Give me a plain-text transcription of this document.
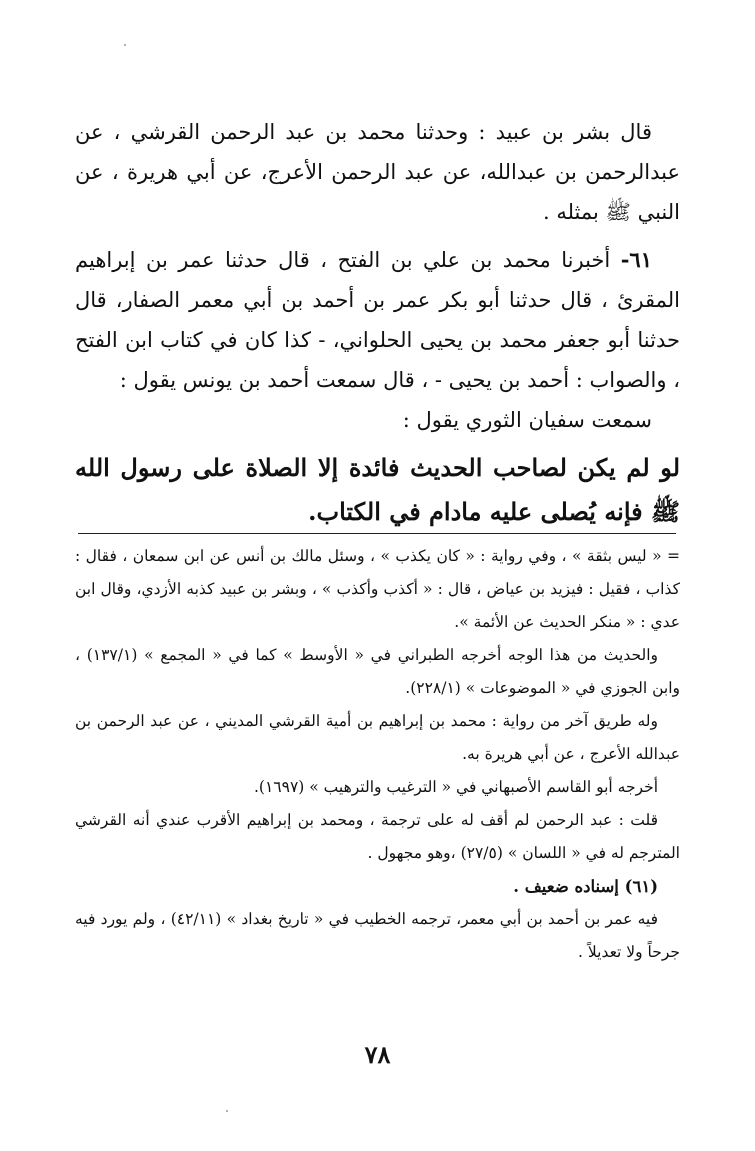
قال بشر بن عبيد : وحدثنا محمد بن عبد الرحمن القرشي ، عن عبدالرحمن بن عبدالله، عن عبد الرحمن الأعرج، عن أبي هريرة ، عن النبي ﷺ بمثله .

٦١- أخبرنا محمد بن علي بن الفتح ، قال حدثنا عمر بن إبراهيم المقرئ ، قال حدثنا أبو بكر عمر بن أحمد بن أبي معمر الصفار، قال حدثنا أبو جعفر محمد بن يحيى الحلواني، - كذا كان في كتاب ابن الفتح ، والصواب : أحمد بن يحيى - ، قال سمعت أحمد بن يونس يقول :

سمعت سفيان الثوري يقول :

لو لم يكن لصاحب الحديث فائدة إلا الصلاة على رسول الله ﷺ فإنه يُصلى عليه مادام في الكتاب.

= « ليس بثقة » ، وفي رواية : « كان يكذب » ، وسئل مالك بن أنس عن ابن سمعان ، فقال : كذاب ، فقيل : فيزيد بن عياض ، قال : « أكذب وأكذب » ، وبشر بن عبيد كذبه الأزدي، وقال ابن عدي : « منكر الحديث عن الأئمة ».

والحديث من هذا الوجه أخرجه الطبراني في « الأوسط » كما في « المجمع » (١٣٧/١) ، وابن الجوزي في « الموضوعات » (٢٢٨/١).

وله طريق آخر من رواية : محمد بن إبراهيم بن أمية القرشي المديني ، عن عبد الرحمن بن عبدالله الأعرج ، عن أبي هريرة به.

أخرجه أبو القاسم الأصبهاني في « الترغيب والترهيب » (١٦٩٧).

قلت : عبد الرحمن لم أقف له على ترجمة ، ومحمد بن إبراهيم الأقرب عندي أنه القرشي المترجم له في « اللسان » (٢٧/٥) ،وهو مجهول .

(٦١) إسناده ضعيف .

فيه عمر بن أحمد بن أبي معمر، ترجمه الخطيب في « تاريخ بغداد » (٤٢/١١) ، ولم يورد فيه جرحاً ولا تعديلاً .

٧٨
